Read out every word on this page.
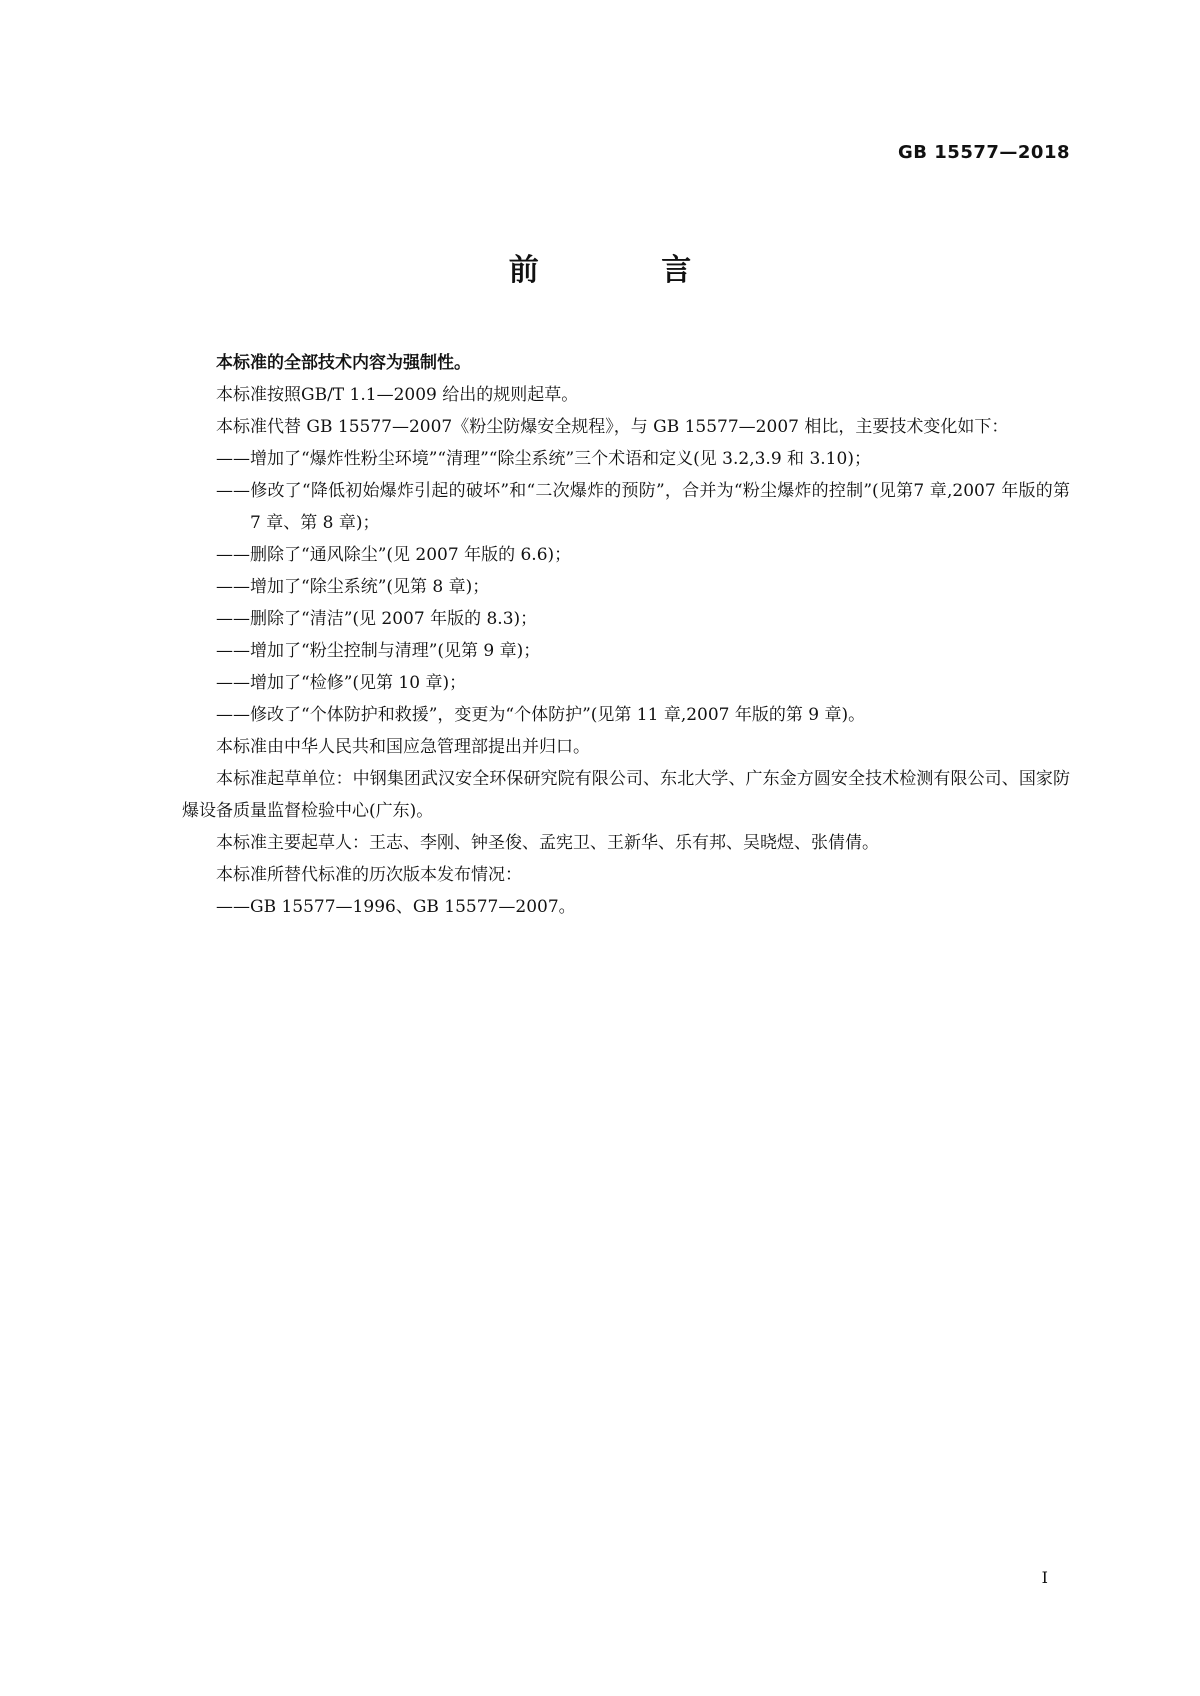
GB 15577—2018
前 言

本标准的全部技术内容为强制性。

本标准按照GB/T 1.1—2009 给出的规则起草。

本标准代替 GB 15577—2007《粉尘防爆安全规程》，与 GB 15577—2007 相比，主要技术变化如下：

——增加了“爆炸性粉尘环境”“清理”“除尘系统”三个术语和定义(见 3.2,3.9 和 3.10)；
——修改了“降低初始爆炸引起的破坏”和“二次爆炸的预防”，合并为“粉尘爆炸的控制”(见第7 章,2007 年版的第 7 章、第 8 章)；
——删除了“通风除尘”(见 2007 年版的 6.6)；
——增加了“除尘系统”(见第 8 章)；
——删除了“清洁”(见 2007 年版的 8.3)；
——增加了“粉尘控制与清理”(见第 9 章)；
——增加了“检修”(见第 10 章)；
——修改了“个体防护和救援”，变更为“个体防护”(见第 11 章,2007 年版的第 9 章)。

本标准由中华人民共和国应急管理部提出并归口。

本标准起草单位：中钢集团武汉安全环保研究院有限公司、东北大学、广东金方圆安全技术检测有限公司、国家防爆设备质量监督检验中心(广东)。

本标准主要起草人：王志、李刚、钟圣俊、孟宪卫、王新华、乐有邦、吴晓煜、张倩倩。

本标准所替代标准的历次版本发布情况：

——GB 15577—1996、GB 15577—2007。
I
